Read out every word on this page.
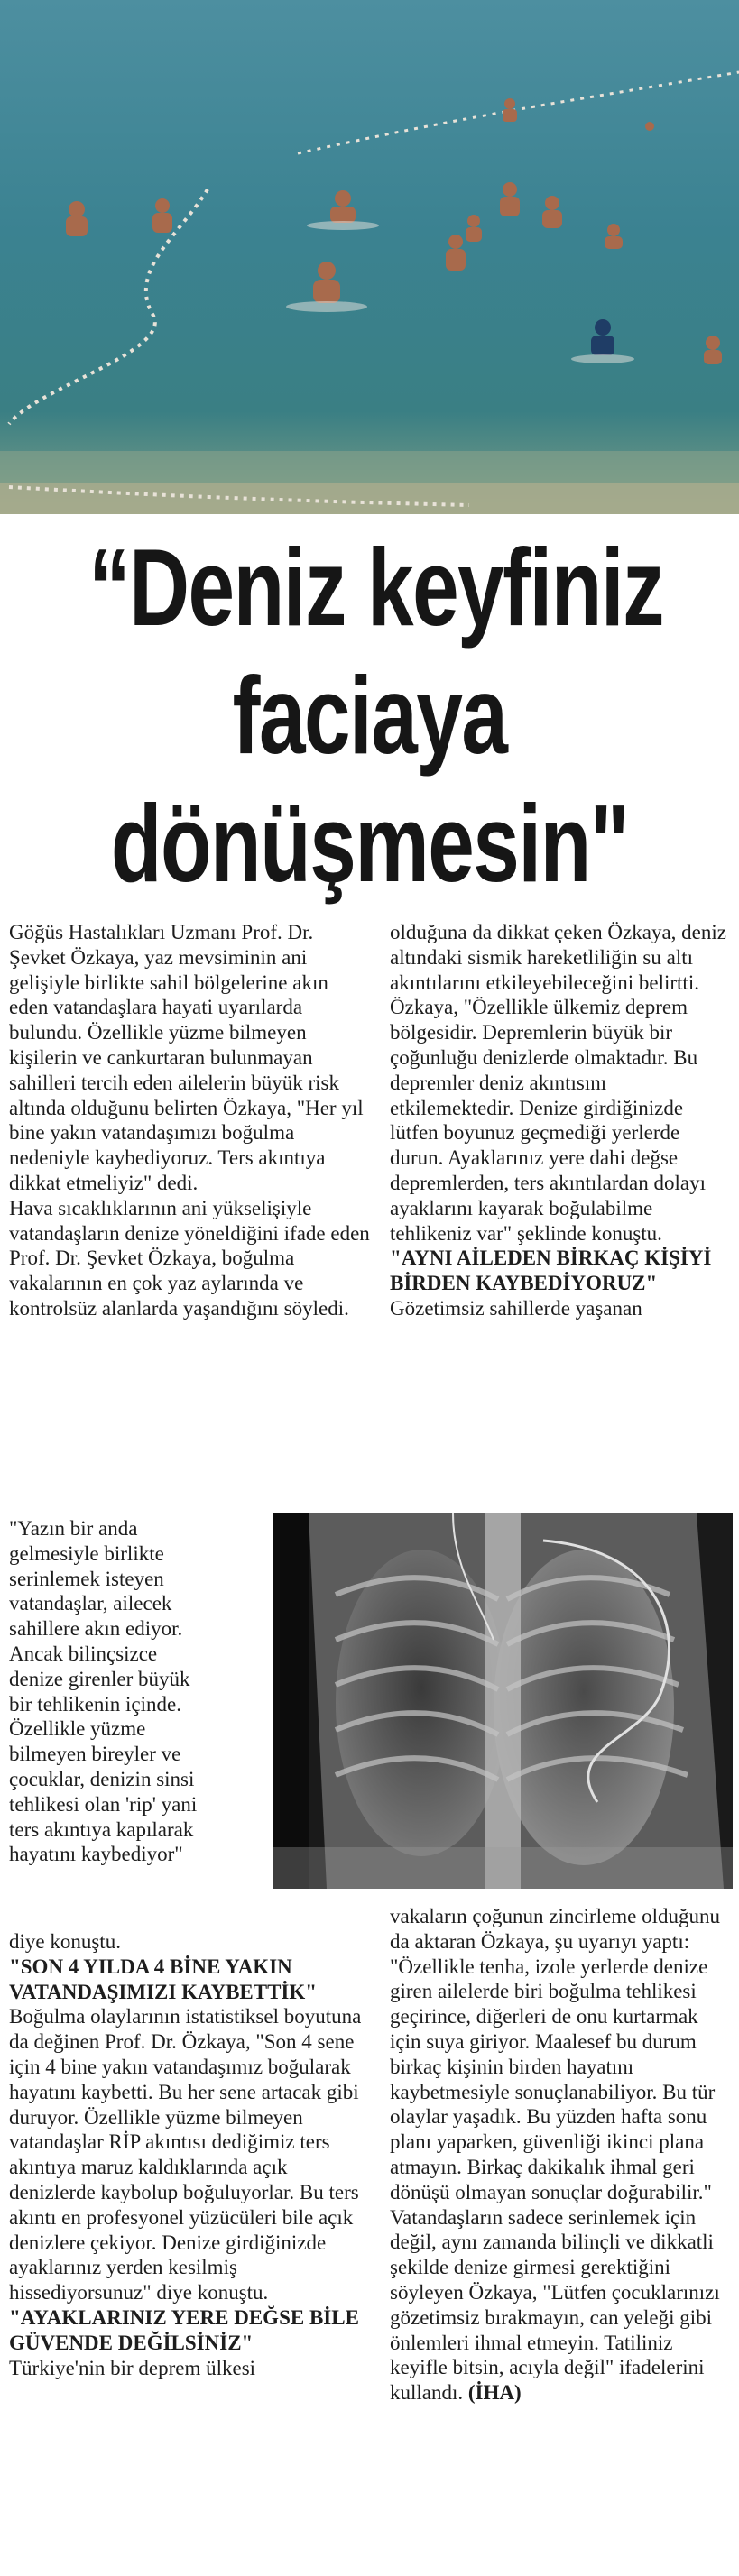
“Deniz keyfiniz
faciaya
dönüşmesin"

Göğüs Hastalıkları Uzmanı Prof. Dr. Şevket Özkaya, yaz mevsiminin ani gelişiyle birlikte sahil bölgelerine akın eden vatandaşlara hayati uyarılarda bulundu. Özellikle yüzme bilmeyen kişilerin ve cankurtaran bulunmayan sahilleri tercih eden ailelerin büyük risk altında olduğunu belirten Özkaya, "Her yıl bine yakın vatandaşımızı boğulma nedeniyle kaybediyoruz. Ters akıntıya dikkat etmeliyiz" dedi.

Hava sıcaklıklarının ani yükselişiyle vatandaşların denize yöneldiğini ifade eden Prof. Dr. Şevket Özkaya, boğulma vakalarının en çok yaz aylarında ve kontrolsüz alanlarda yaşandığını söyledi.

"Yazın bir anda gelmesiyle birlikte serinlemek isteyen vatandaşlar, ailecek sahillere akın ediyor. Ancak bilinçsizce denize girenler büyük bir tehlikenin içinde. Özellikle yüzme bilmeyen bireyler ve çocuklar, denizin sinsi tehlikesi olan 'rip' yani ters akıntıya kapılarak hayatını kaybediyor"

diye konuştu.

"SON 4 YILDA 4 BİNE YAKIN VATANDAŞIMIZI KAYBETTİK"

Boğulma olaylarının istatistiksel boyutuna da değinen Prof. Dr. Özkaya, "Son 4 sene için 4 bine yakın vatandaşımız boğularak hayatını kaybetti. Bu her sene artacak gibi duruyor. Özellikle yüzme bilmeyen vatandaşlar RİP akıntısı dediğimiz ters akıntıya maruz kaldıklarında açık denizlerde kaybolup boğuluyorlar. Bu ters akıntı en profesyonel yüzücüleri bile açık denizlere çekiyor. Denize girdiğinizde ayaklarınız yerden kesilmiş hissediyorsunuz" diye konuştu.

"AYAKLARINIZ YERE DEĞSE BİLE GÜVENDE DEĞİLSİNİZ"

Türkiye'nin bir deprem ülkesi

olduğuna da dikkat çeken Özkaya, deniz altındaki sismik hareketliliğin su altı akıntılarını etkileyebileceğini belirtti.

Özkaya, "Özellikle ülkemiz deprem bölgesidir. Depremlerin büyük bir çoğunluğu denizlerde olmaktadır. Bu depremler deniz akıntısını etkilemektedir. Denize girdiğinizde lütfen boyunuz geçmediği yerlerde durun. Ayaklarınız yere dahi değse depremlerden, ters akıntılardan dolayı ayaklarını kayarak boğulabilme tehlikeniz var" şeklinde konuştu.

"AYNI AİLEDEN BİRKAÇ KİŞİYİ BİRDEN KAYBEDİYORUZ"

Gözetimsiz sahillerde yaşanan

vakaların çoğunun zincirleme olduğunu da aktaran Özkaya, şu uyarıyı yaptı: "Özellikle tenha, izole yerlerde denize giren ailelerde biri boğulma tehlikesi geçirince, diğerleri de onu kurtarmak için suya giriyor. Maalesef bu durum birkaç kişinin birden hayatını kaybetmesiyle sonuçlanabiliyor. Bu tür olaylar yaşadık. Bu yüzden hafta sonu planı yaparken, güvenliği ikinci plana atmayın. Birkaç dakikalık ihmal geri dönüşü olmayan sonuçlar doğurabilir."

Vatandaşların sadece serinlemek için değil, aynı zamanda bilinçli ve dikkatli şekilde denize girmesi gerektiğini söyleyen Özkaya, "Lütfen çocuklarınızı gözetimsiz bırakmayın, can yeleği gibi önlemleri ihmal etmeyin. Tatiliniz keyifle bitsin, acıyla değil" ifadelerini kullandı. (İHA)
